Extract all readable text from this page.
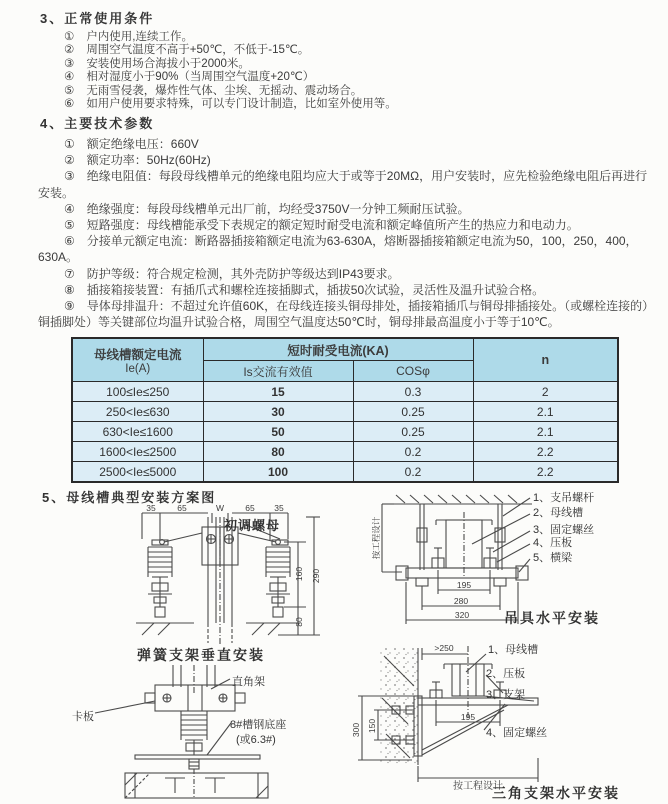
3、正常使用条件

① 户内使用,连续工作。

② 周围空气温度不高于+50℃，不低于-15℃。

③ 安装使用场合海拔小于2000米。

④ 相对湿度小于90%（当周围空气温度+20℃）

⑤ 无雨雪侵袭，爆炸性气体、尘埃、无摇动、震动场合。

⑥ 如用户使用要求特殊，可以专门设计制造，比如室外使用等。

4、主要技术参数

① 额定绝缘电压：660V

② 额定功率：50Hz(60Hz)

③ 绝缘电阻值：每段母线槽单元的绝缘电阻均应大于或等于20MΩ，用户安装时，应先检验绝缘电阻后再进行安装。

④ 绝缘强度：每段母线槽单元出厂前，均经受3750V一分钟工频耐压试验。

⑤ 短路强度：母线槽能承受下表规定的额定短时耐受电流和额定峰值所产生的热应力和电动力。

⑥ 分接单元额定电流：断路器插接箱额定电流为63-630A，熔断器插接箱额定电流为50，100，250，400，630A。

⑦ 防护等级：符合规定检测，其外壳防护等级达到IP43要求。

⑧ 插接箱接装置：有插爪式和螺栓连接插脚式，插拔50次试验，灵活性及温升试验合格。

⑨ 导体母排温升：不超过允许值60K，在母线连接头铜母排处，插接箱插爪与铜母排插接处。（或螺栓连接的）铜插脚处）等关键部位均温升试验合格，周围空气温度达50℃时，铜母排最高温度小于等于10℃。

母线槽额定电流
Ie(A)	短时耐受电流(KA)		n
	Is交流有效值	COSφ	
100≤Ie≤250	15	0.3	2
250<Ie≤630	30	0.25	2.1
630<Ie≤1600	50	0.25	2.1
1600<Ie≤2500	80	0.2	2.2
2500<Ie≤5000	100	0.2	2.2
5、母线槽典型安装方案图
35	65	W	65 35
160 290
80
初调螺母
195
280
320
按工程设计
1、支吊螺杆
2、母线槽
3、固定螺丝
4、压板
5、横梁
吊具水平安装
弹簧支架垂直安装
直角架
卡板
8#槽钢底座
(或6.3#)
>250
195
300 150
按工程设计
1、母线槽
2、压板
3、支架
4、固定螺丝
三角支架水平安装
